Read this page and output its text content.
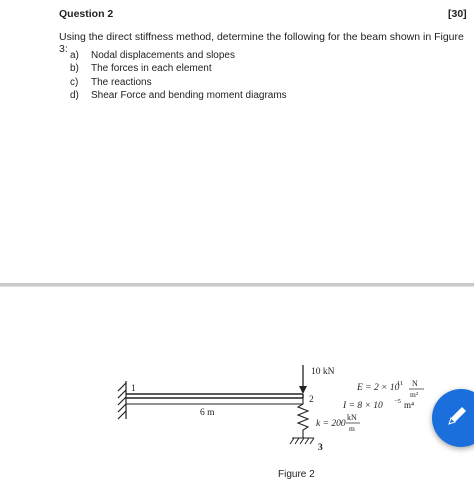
Question 2	[30]
Using the direct stiffness method, determine the following for the beam shown in Figure 3:
a)	Nodal displacements and slopes
b)	The forces in each element
c)	The reactions
d)	Shear Force and bending moment diagrams
10 kN
1
2
3
6 m
E = 2 × 10
11 N
m²
I = 8 × 10 −5 m⁴
k = 200
kN
m
Figure 2
